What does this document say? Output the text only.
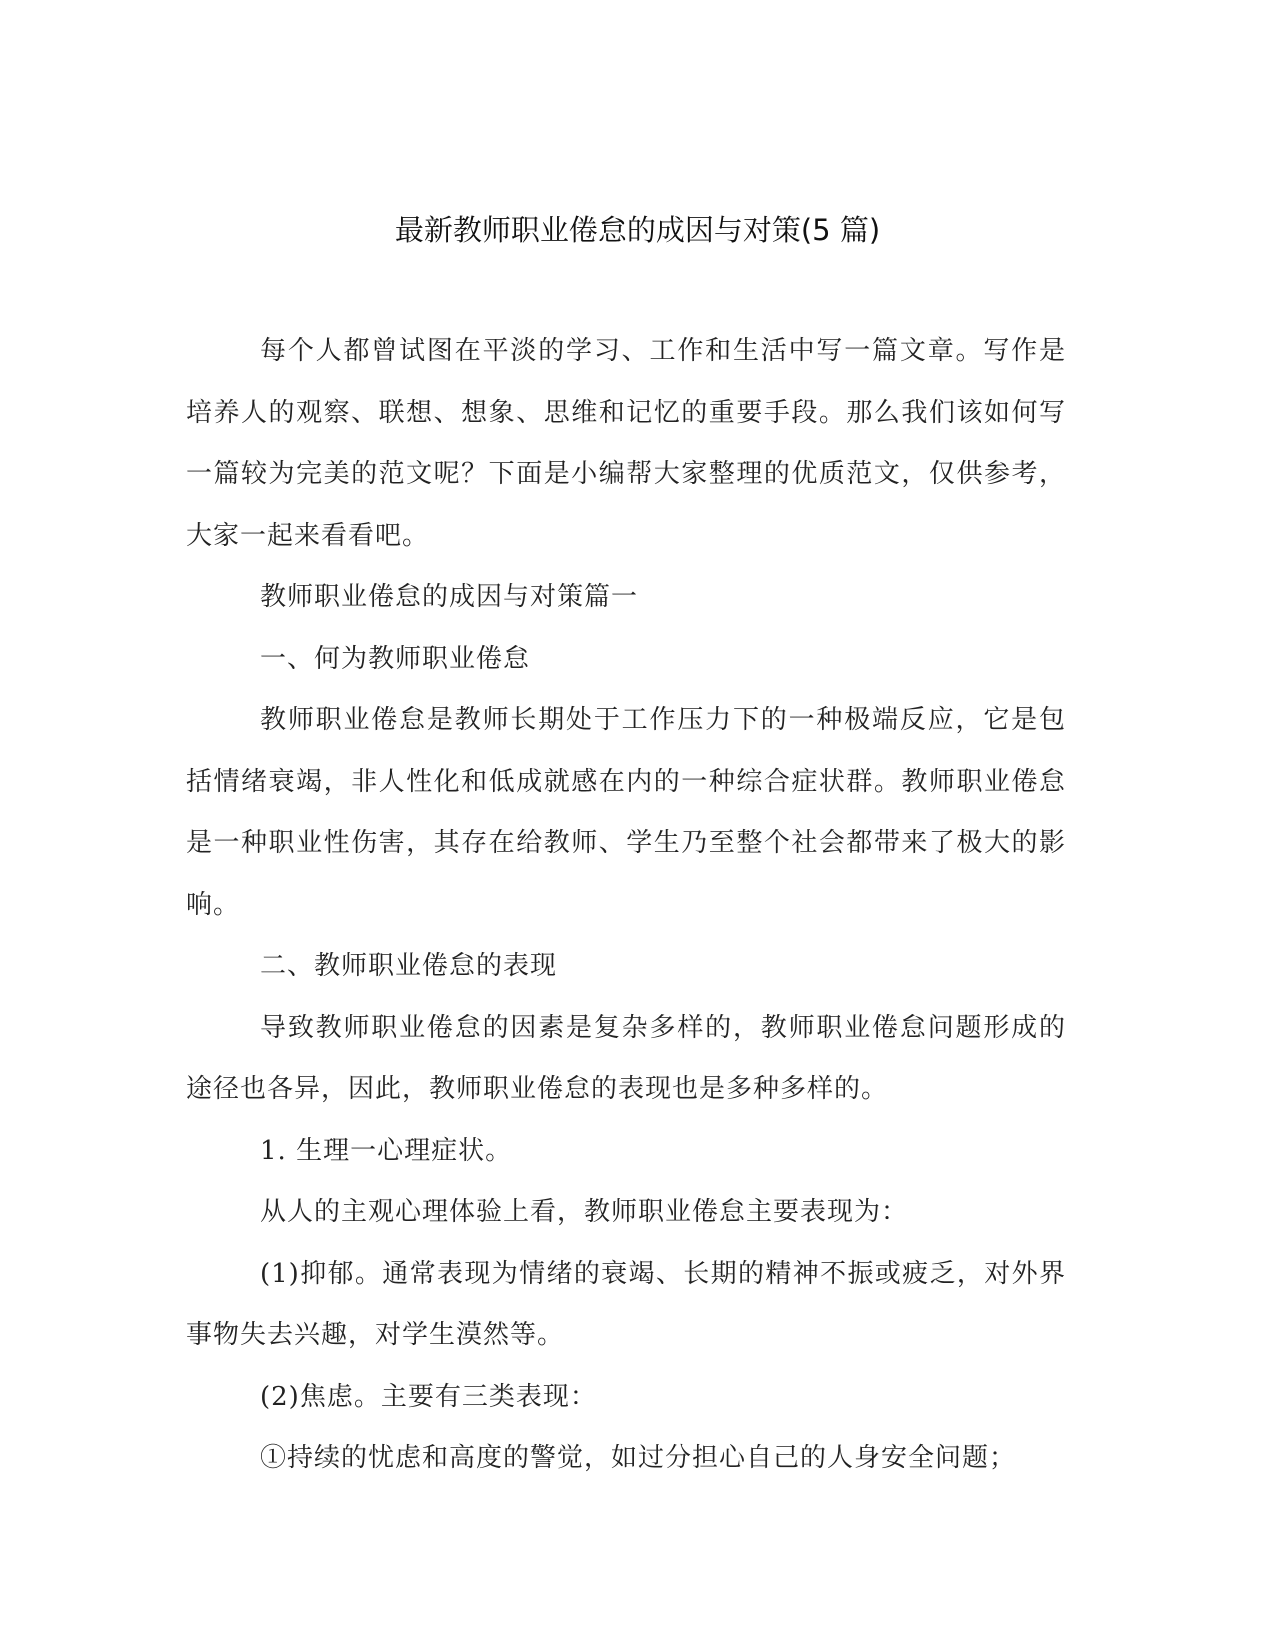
最新教师职业倦怠的成因与对策(5 篇)

每个人都曾试图在平淡的学习、工作和生活中写一篇文章。写作是培养人的观察、联想、想象、思维和记忆的重要手段。那么我们该如何写一篇较为完美的范文呢？下面是小编帮大家整理的优质范文，仅供参考，大家一起来看看吧。

教师职业倦怠的成因与对策篇一

一、何为教师职业倦怠

教师职业倦怠是教师长期处于工作压力下的一种极端反应，它是包括情绪衰竭，非人性化和低成就感在内的一种综合症状群。教师职业倦怠是一种职业性伤害，其存在给教师、学生乃至整个社会都带来了极大的影响。

二、教师职业倦怠的表现

导致教师职业倦怠的因素是复杂多样的，教师职业倦怠问题形成的途径也各异，因此，教师职业倦怠的表现也是多种多样的。

1. 生理一心理症状。

从人的主观心理体验上看，教师职业倦怠主要表现为：

(1)抑郁。通常表现为情绪的衰竭、长期的精神不振或疲乏，对外界事物失去兴趣，对学生漠然等。

(2)焦虑。主要有三类表现：

①持续的忧虑和高度的警觉，如过分担心自己的人身安全问题；
